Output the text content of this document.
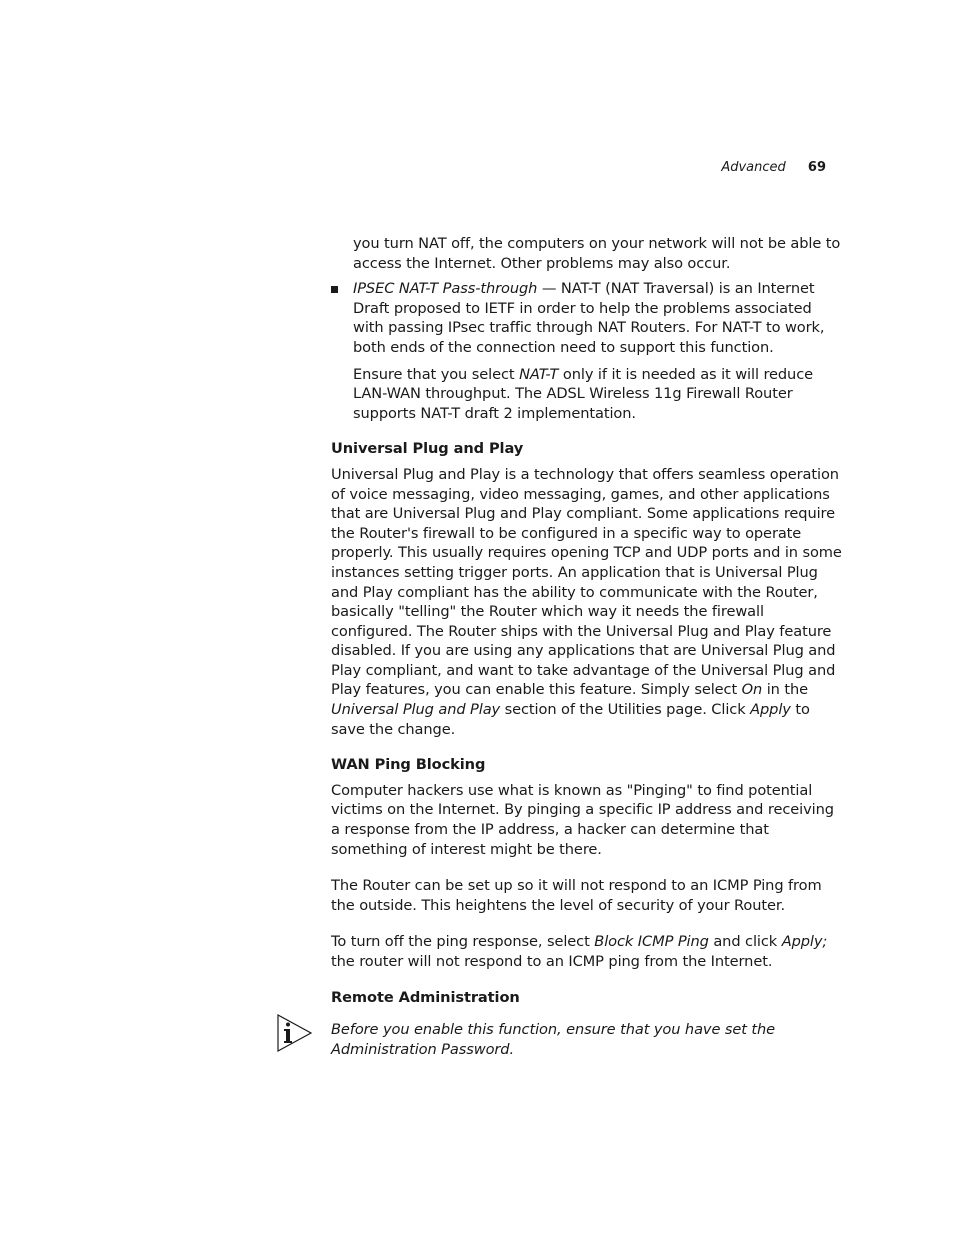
Advanced 69

you turn NAT off, the computers on your network will not be able to access the Internet. Other problems may also occur.

IPSEC NAT-T Pass-through — NAT-T (NAT Traversal) is an Internet Draft proposed to IETF in order to help the problems associated with passing IPsec traffic through NAT Routers. For NAT-T to work, both ends of the connection need to support this function.

Ensure that you select NAT-T only if it is needed as it will reduce LAN-WAN throughput. The ADSL Wireless 11g Firewall Router supports NAT-T draft 2 implementation.

Universal Plug and Play

Universal Plug and Play is a technology that offers seamless operation of voice messaging, video messaging, games, and other applications that are Universal Plug and Play compliant. Some applications require the Router's firewall to be configured in a specific way to operate properly. This usually requires opening TCP and UDP ports and in some instances setting trigger ports. An application that is Universal Plug and Play compliant has the ability to communicate with the Router, basically "telling" the Router which way it needs the firewall configured. The Router ships with the Universal Plug and Play feature disabled. If you are using any applications that are Universal Plug and Play compliant, and want to take advantage of the Universal Plug and Play features, you can enable this feature. Simply select On in the Universal Plug and Play section of the Utilities page. Click Apply to save the change.

WAN Ping Blocking

Computer hackers use what is known as "Pinging" to find potential victims on the Internet. By pinging a specific IP address and receiving a response from the IP address, a hacker can determine that something of interest might be there.

The Router can be set up so it will not respond to an ICMP Ping from the outside. This heightens the level of security of your Router.

To turn off the ping response, select Block ICMP Ping and click Apply; the router will not respond to an ICMP ping from the Internet.

Remote Administration

Before you enable this function, ensure that you have set the Administration Password.
